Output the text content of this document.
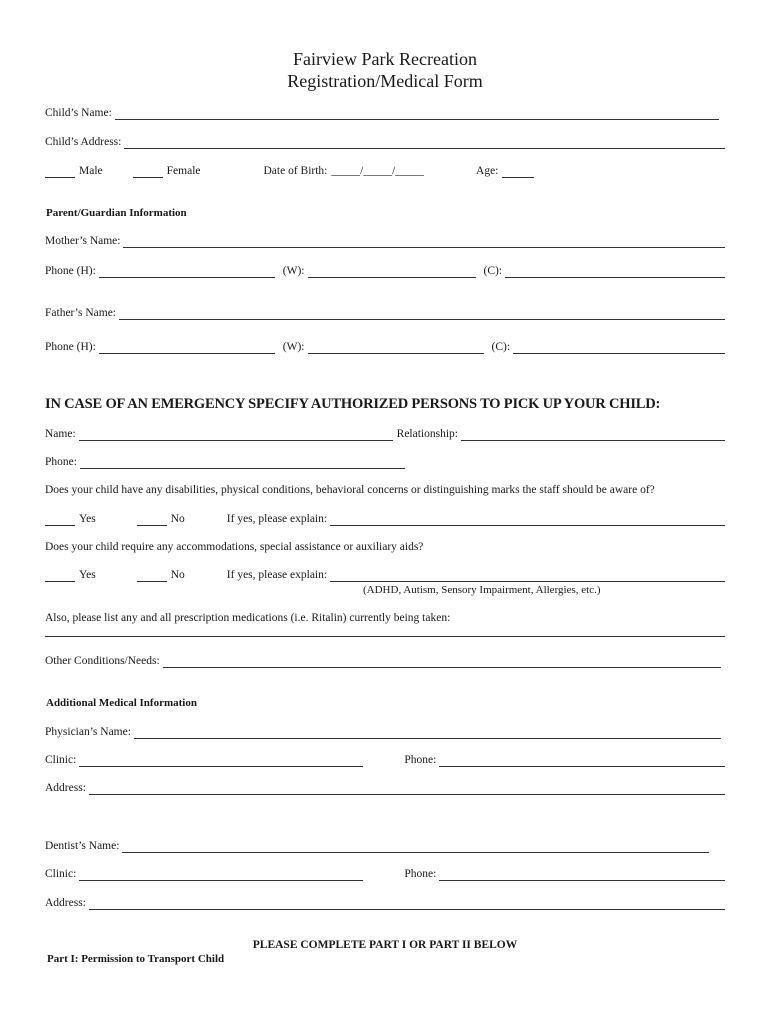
Fairview Park Recreation
Registration/Medical Form
Child’s Name:
Child’s Address:
Male	Female	Date of Birth: _____/_____/_____	Age:
Parent/Guardian Information
Mother’s Name:
Phone (H):	(W):	(C):
Father’s Name:
Phone (H):	(W):	(C):
IN CASE OF AN EMERGENCY SPECIFY AUTHORIZED PERSONS TO PICK UP YOUR CHILD:
Name:	Relationship:
Phone:
Does your child have any disabilities, physical conditions, behavioral concerns or distinguishing marks the staff should be aware of?
Yes	No	If yes, please explain:
Does your child require any accommodations, special assistance or auxiliary aids?
Yes	No	If yes, please explain:
(ADHD, Autism, Sensory Impairment, Allergies, etc.)
Also, please list any and all prescription medications (i.e. Ritalin) currently being taken:
Other Conditions/Needs:
Additional Medical Information
Physician’s Name:
Clinic:	Phone:
Address:
Dentist’s Name:
Clinic:	Phone:
Address:
PLEASE COMPLETE PART I OR PART II BELOW
Part I: Permission to Transport Child
